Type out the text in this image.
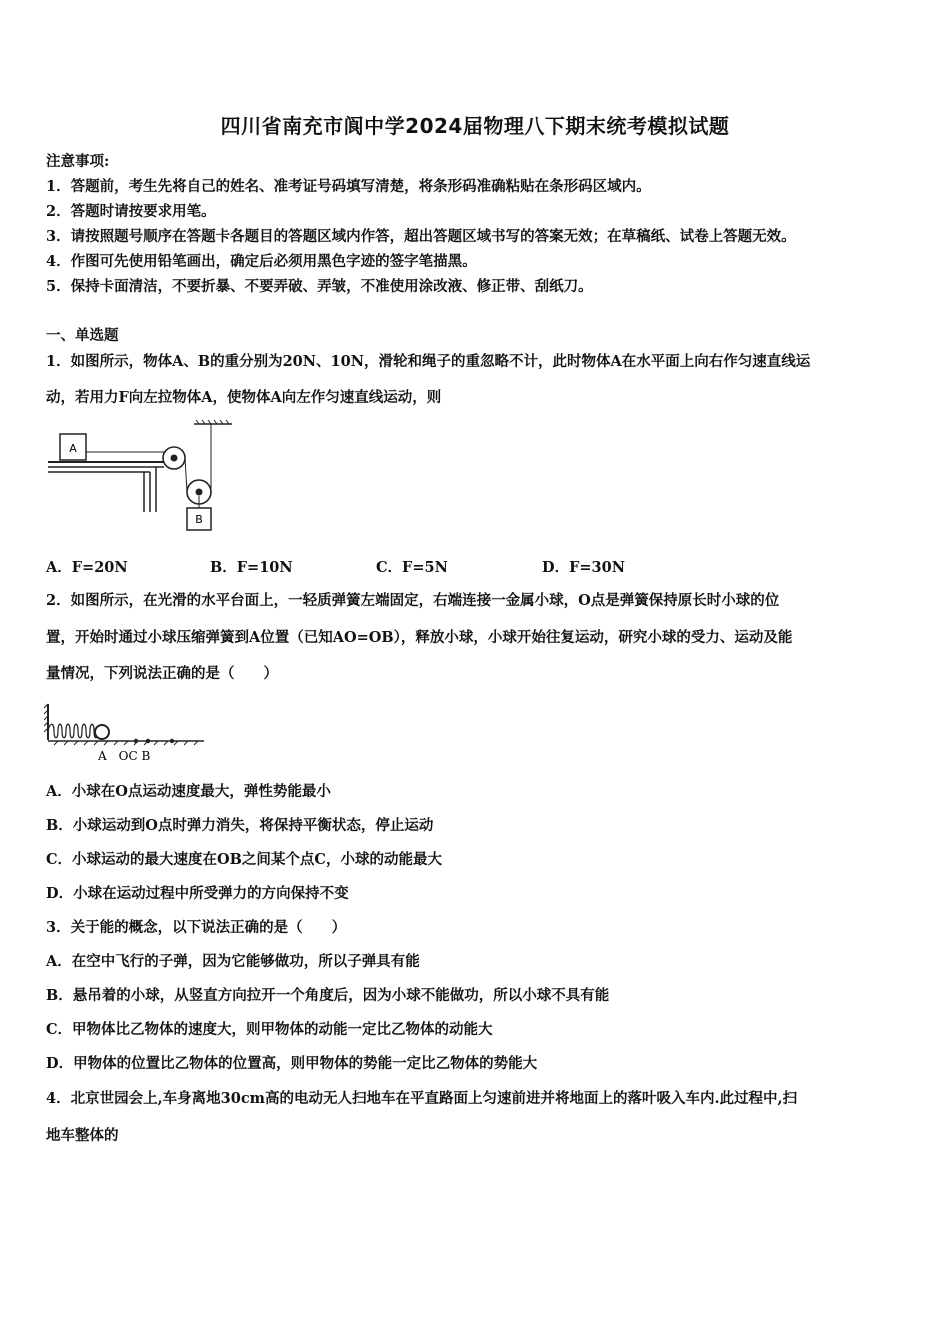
四川省南充市阆中学2024届物理八下期末统考模拟试题
注意事项:
1．答题前，考生先将自己的姓名、准考证号码填写清楚，将条形码准确粘贴在条形码区域内。
2．答题时请按要求用笔。
3．请按照题号顺序在答题卡各题目的答题区域内作答，超出答题区域书写的答案无效；在草稿纸、试卷上答题无效。
4．作图可先使用铅笔画出，确定后必须用黑色字迹的签字笔描黑。
5．保持卡面清洁，不要折暴、不要弄破、弄皱，不准使用涂改液、修正带、刮纸刀。
一、单选题
1．如图所示，物体A、B的重分别为20N、10N，滑轮和绳子的重忽略不计，此时物体A在水平面上向右作匀速直线运
动，若用力F向左拉物体A，使物体A向左作匀速直线运动，则
A
B
A．F=20N	B．F=10N	C．F=5N	D．F=30N
2．如图所示，在光滑的水平台面上，一轻质弹簧左端固定，右端连接一金属小球，O点是弹簧保持原长时小球的位
置，开始时通过小球压缩弹簧到A位置（已知AO=OB），释放小球，小球开始往复运动，研究小球的受力、运动及能
量情况，下列说法正确的是（　　）
A　OC B
A．小球在O点运动速度最大，弹性势能最小
B．小球运动到O点时弹力消失，将保持平衡状态，停止运动
C．小球运动的最大速度在OB之间某个点C，小球的动能最大
D．小球在运动过程中所受弹力的方向保持不变
3．关于能的概念，以下说法正确的是（　　）
A．在空中飞行的子弹，因为它能够做功，所以子弹具有能
B．悬吊着的小球，从竖直方向拉开一个角度后，因为小球不能做功，所以小球不具有能
C．甲物体比乙物体的速度大，则甲物体的动能一定比乙物体的动能大
D．甲物体的位置比乙物体的位置高，则甲物体的势能一定比乙物体的势能大
4．北京世园会上,车身离地30cm高的电动无人扫地车在平直路面上匀速前进并将地面上的落叶吸入车内.此过程中,扫
地车整体的
